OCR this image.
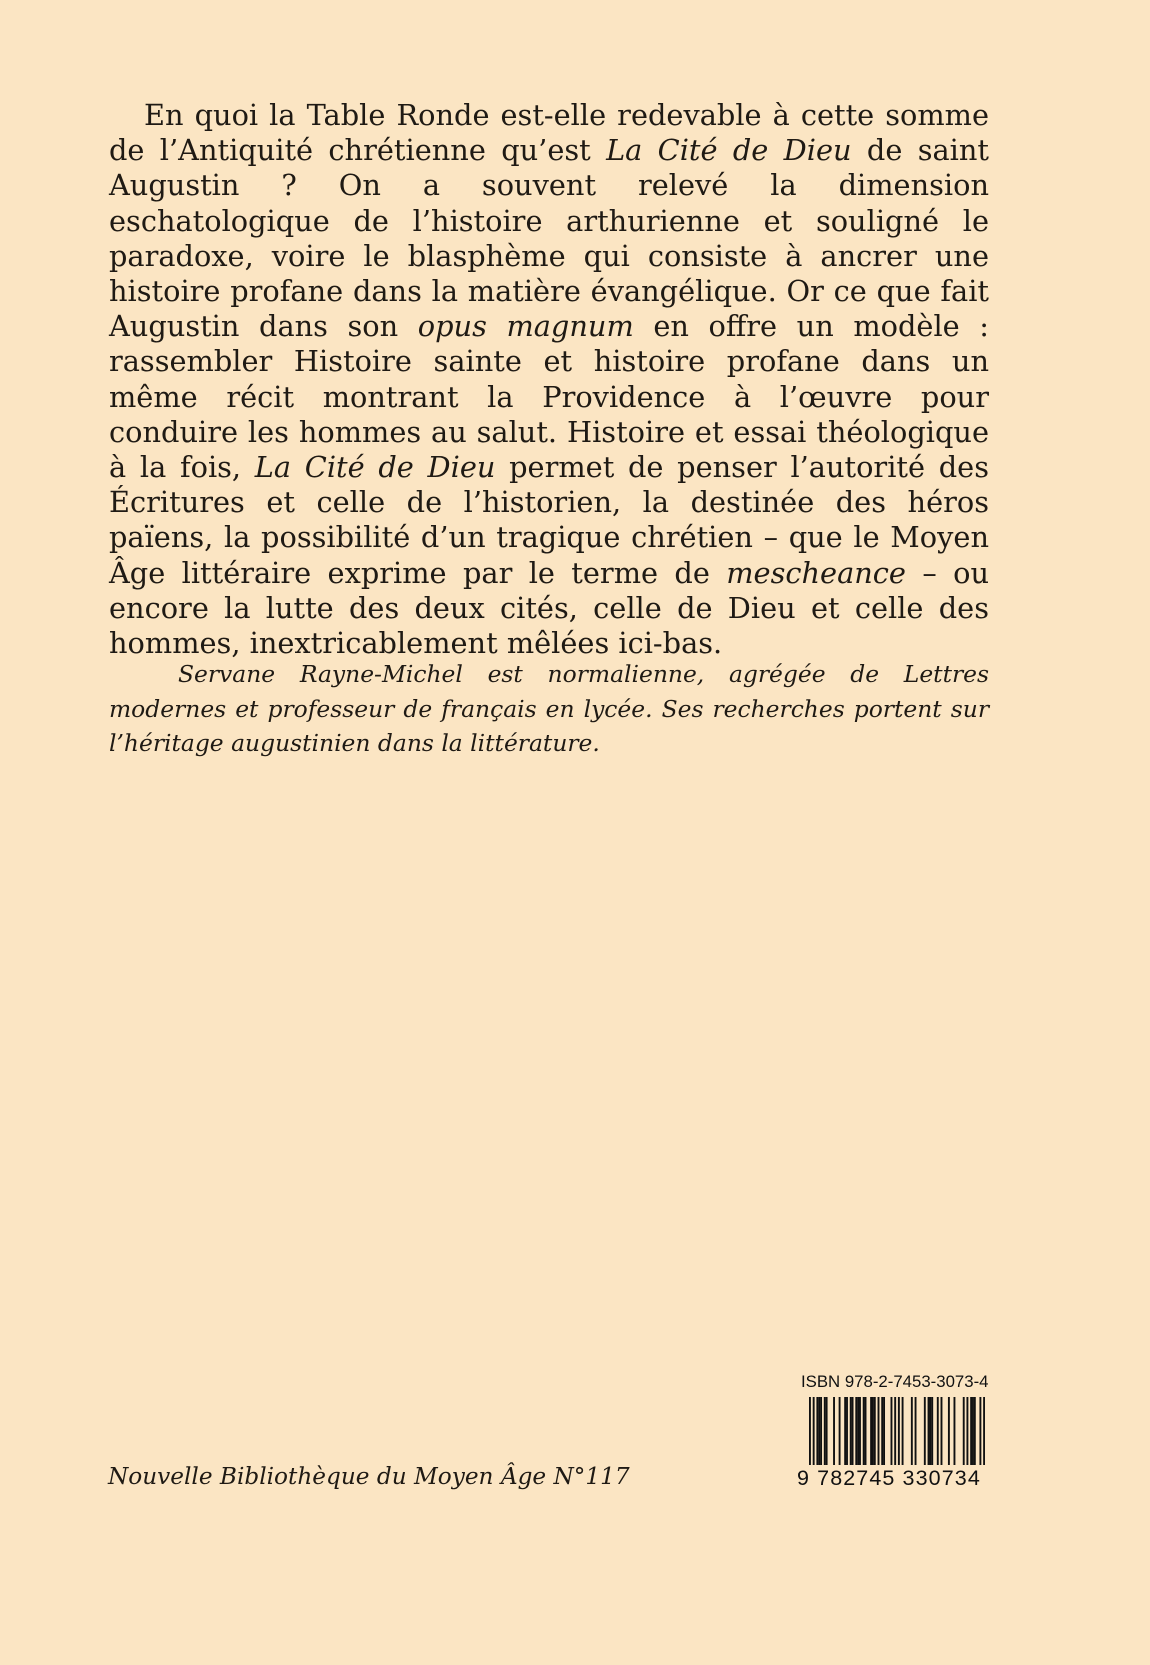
En quoi la Table Ronde est-elle redevable à cette somme de l’Antiquité chrétienne qu’est La Cité de Dieu de saint Augustin ? On a souvent relevé la dimension eschatologique de l’histoire arthurienne et souligné le paradoxe, voire le blasphème qui consiste à ancrer une histoire profane dans la matière évangélique. Or ce que fait Augustin dans son opus magnum en offre un modèle : rassembler Histoire sainte et histoire profane dans un même récit montrant la Providence à l’œuvre pour conduire les hommes au salut. Histoire et essai théologique à la fois, La Cité de Dieu permet de penser l’autorité des Écritures et celle de l’historien, la destinée des héros païens, la possibilité d’un tragique chrétien – que le Moyen Âge littéraire exprime par le terme de mescheance – ou encore la lutte des deux cités, celle de Dieu et celle des hommes, inextricablement mêlées ici-bas.

Servane Rayne-Michel est normalienne, agrégée de Lettres modernes et professeur de français en lycée. Ses recherches portent sur l’héritage augustinien dans la littérature.

Nouvelle Bibliothèque du Moyen Âge N°117
ISBN 978-2-7453-3073-4
9 782745 330734
